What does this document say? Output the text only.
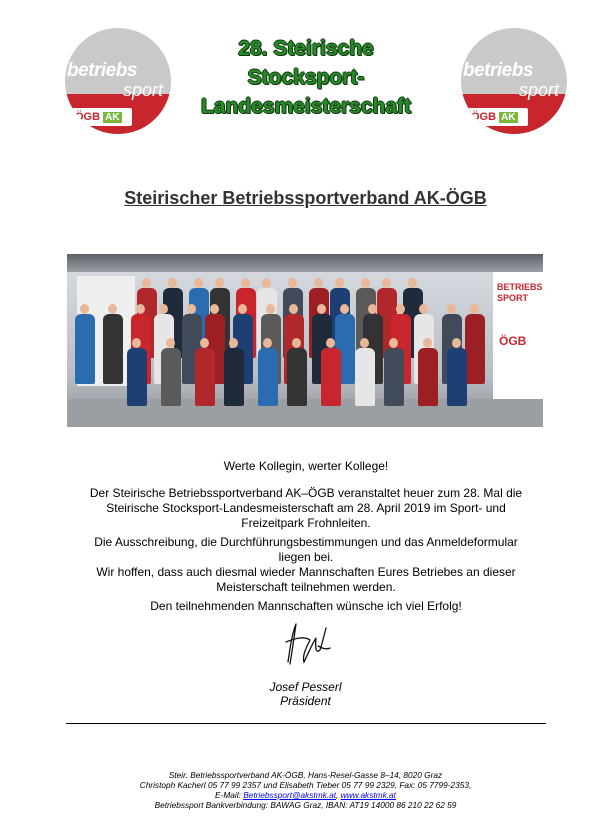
betriebs
sport
ÖGB AK
betriebs
sport
ÖGB AK
28. Steirische
Stocksport-
Landesmeisterschaft
Steirischer Betriebssportverband AK-ÖGB
BETRIEBS
SPORT
ÖGB
Werte Kollegin, werter Kollege!
Der Steirische Betriebssportverband AK–ÖGB veranstaltet heuer zum 28. Mal die
Steirische Stocksport-Landesmeisterschaft am 28. April 2019 im Sport- und
Freizeitpark Frohnleiten.
Die Ausschreibung, die Durchführungsbestimmungen und das Anmeldeformular
liegen bei.
Wir hoffen, dass auch diesmal wieder Mannschaften Eures Betriebes an dieser
Meisterschaft teilnehmen werden.
Den teilnehmenden Mannschaften wünsche ich viel Erfolg!
Josef Pesserl
Präsident
Steir. Betriebssportverband AK-ÖGB, Hans-Resel-Gasse 8–14, 8020 Graz
Christoph Kacherl 05 77 99 2357 und Elisabeth Tieber 05 77 99 2329, Fax: 05 7799-2353,
E-Mail: Betriebssport@akstmk.at, www.akstmk.at
Betriebssport Bankverbindung: BAWAG Graz, IBAN: AT19 14000 86 210 22 62 59
